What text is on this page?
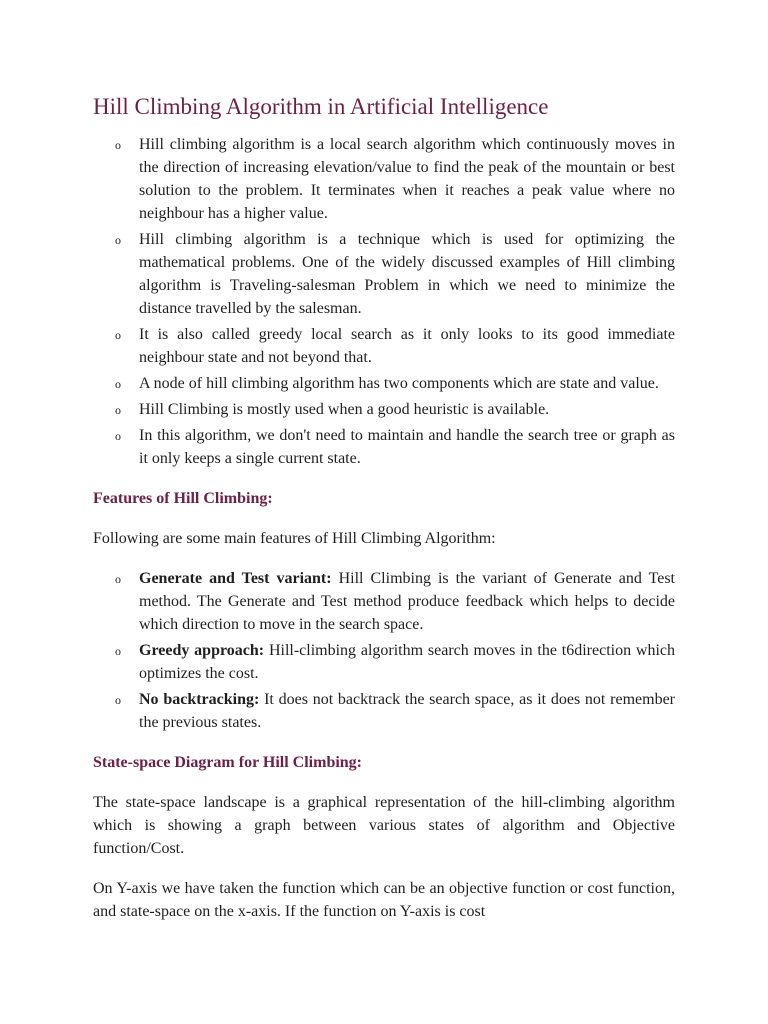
Hill Climbing Algorithm in Artificial Intelligence
o Hill climbing algorithm is a local search algorithm which continuously moves in the direction of increasing elevation/value to find the peak of the mountain or best solution to the problem. It terminates when it reaches a peak value where no neighbour has a higher value.
o Hill climbing algorithm is a technique which is used for optimizing the mathematical problems. One of the widely discussed examples of Hill climbing algorithm is Traveling-salesman Problem in which we need to minimize the distance travelled by the salesman.
o It is also called greedy local search as it only looks to its good immediate neighbour state and not beyond that.
o A node of hill climbing algorithm has two components which are state and value.
o Hill Climbing is mostly used when a good heuristic is available.
o In this algorithm, we don't need to maintain and handle the search tree or graph as it only keeps a single current state.
Features of Hill Climbing:

Following are some main features of Hill Climbing Algorithm:

o Generate and Test variant: Hill Climbing is the variant of Generate and Test method. The Generate and Test method produce feedback which helps to decide which direction to move in the search space.
o Greedy approach: Hill-climbing algorithm search moves in the t6direction which optimizes the cost.
o No backtracking: It does not backtrack the search space, as it does not remember the previous states.
State-space Diagram for Hill Climbing:

The state-space landscape is a graphical representation of the hill-climbing algorithm which is showing a graph between various states of algorithm and Objective function/Cost.

On Y-axis we have taken the function which can be an objective function or cost function, and state-space on the x-axis. If the function on Y-axis is cost
